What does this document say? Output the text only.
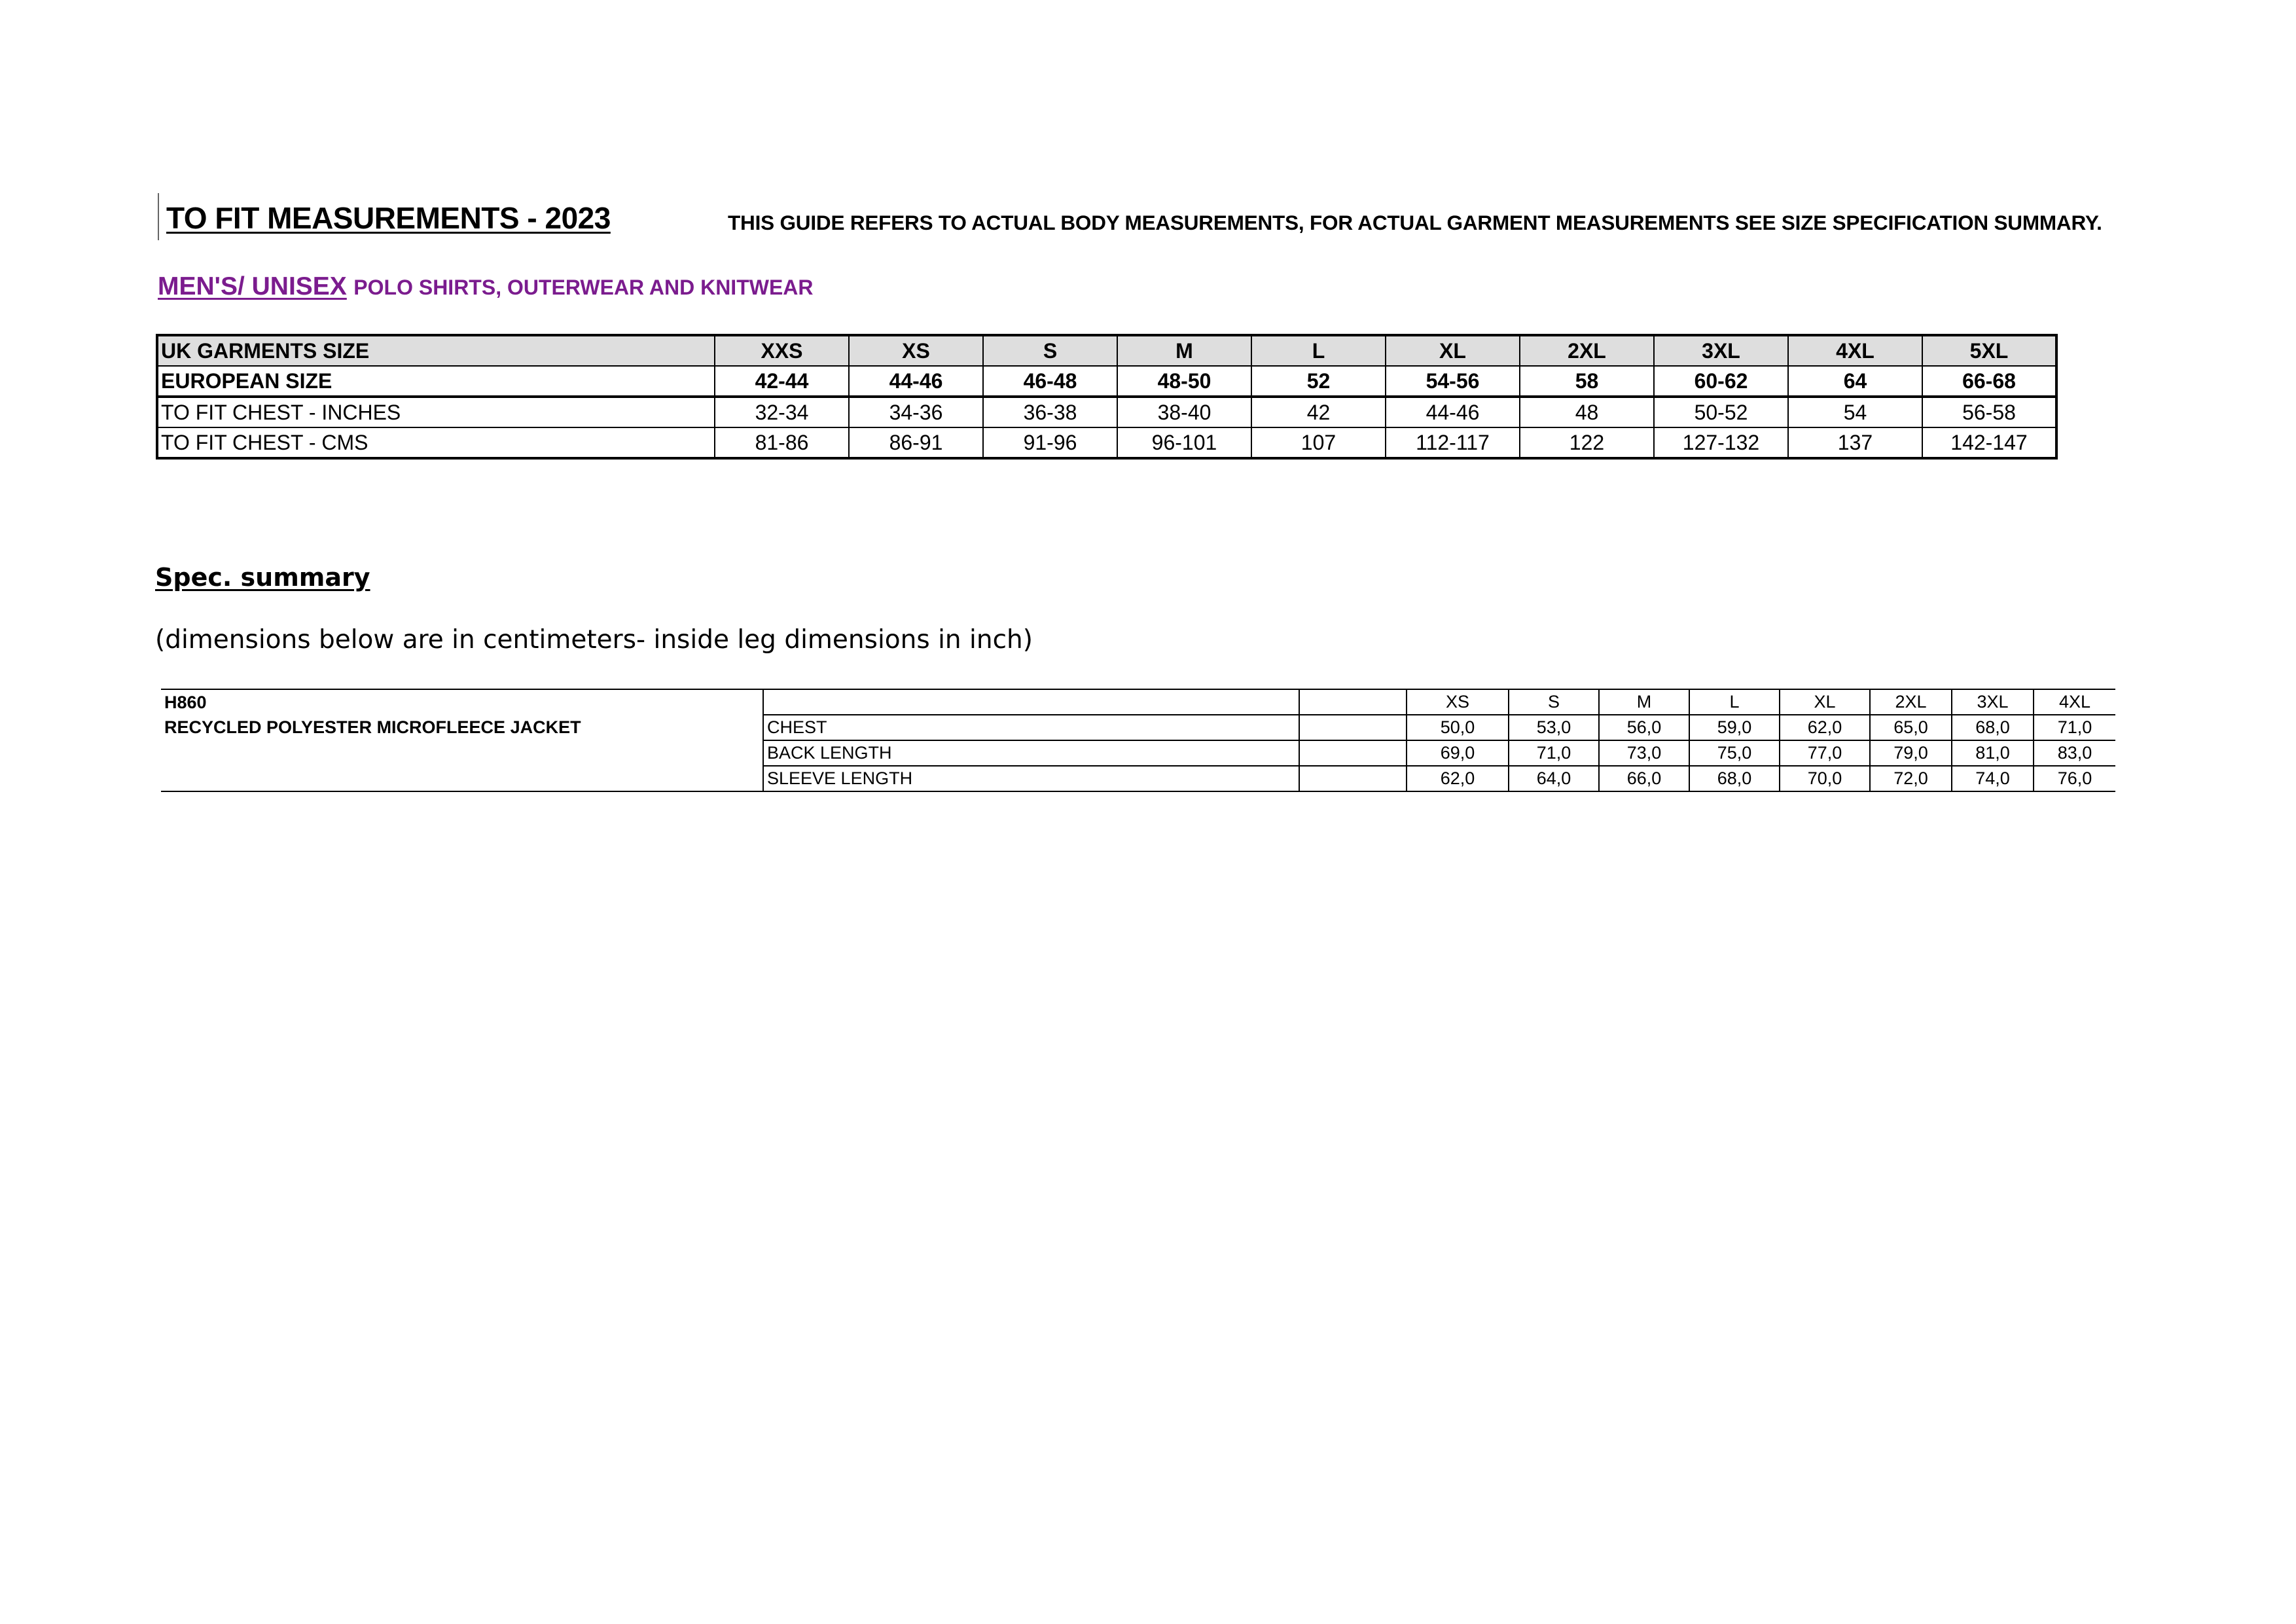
TO FIT MEASUREMENTS - 2023	THIS GUIDE REFERS TO ACTUAL BODY MEASUREMENTS, FOR ACTUAL GARMENT MEASUREMENTS SEE SIZE SPECIFICATION SUMMARY.
MEN'S/ UNISEX POLO SHIRTS, OUTERWEAR AND KNITWEAR
UK GARMENTS SIZE	XXS	XS	S	M	L	XL	2XL	3XL	4XL	5XL
EUROPEAN SIZE	42-44	44-46	46-48	48-50	52	54-56	58	60-62	64	66-68
TO FIT CHEST - INCHES	32-34	34-36	36-38	38-40	42	44-46	48	50-52	54	56-58
TO FIT CHEST - CMS	81-86	86-91	91-96	96-101	107	112-117	122	127-132	137	142-147
Spec. summary
(dimensions below are in centimeters- inside leg dimensions in inch)
H860			XS	S	M	L	XL	2XL	3XL	4XL
RECYCLED POLYESTER MICROFLEECE JACKET	CHEST		50,0	53,0	56,0	59,0	62,0	65,0	68,0	71,0
	BACK LENGTH		69,0	71,0	73,0	75,0	77,0	79,0	81,0	83,0
	SLEEVE LENGTH		62,0	64,0	66,0	68,0	70,0	72,0	74,0	76,0
